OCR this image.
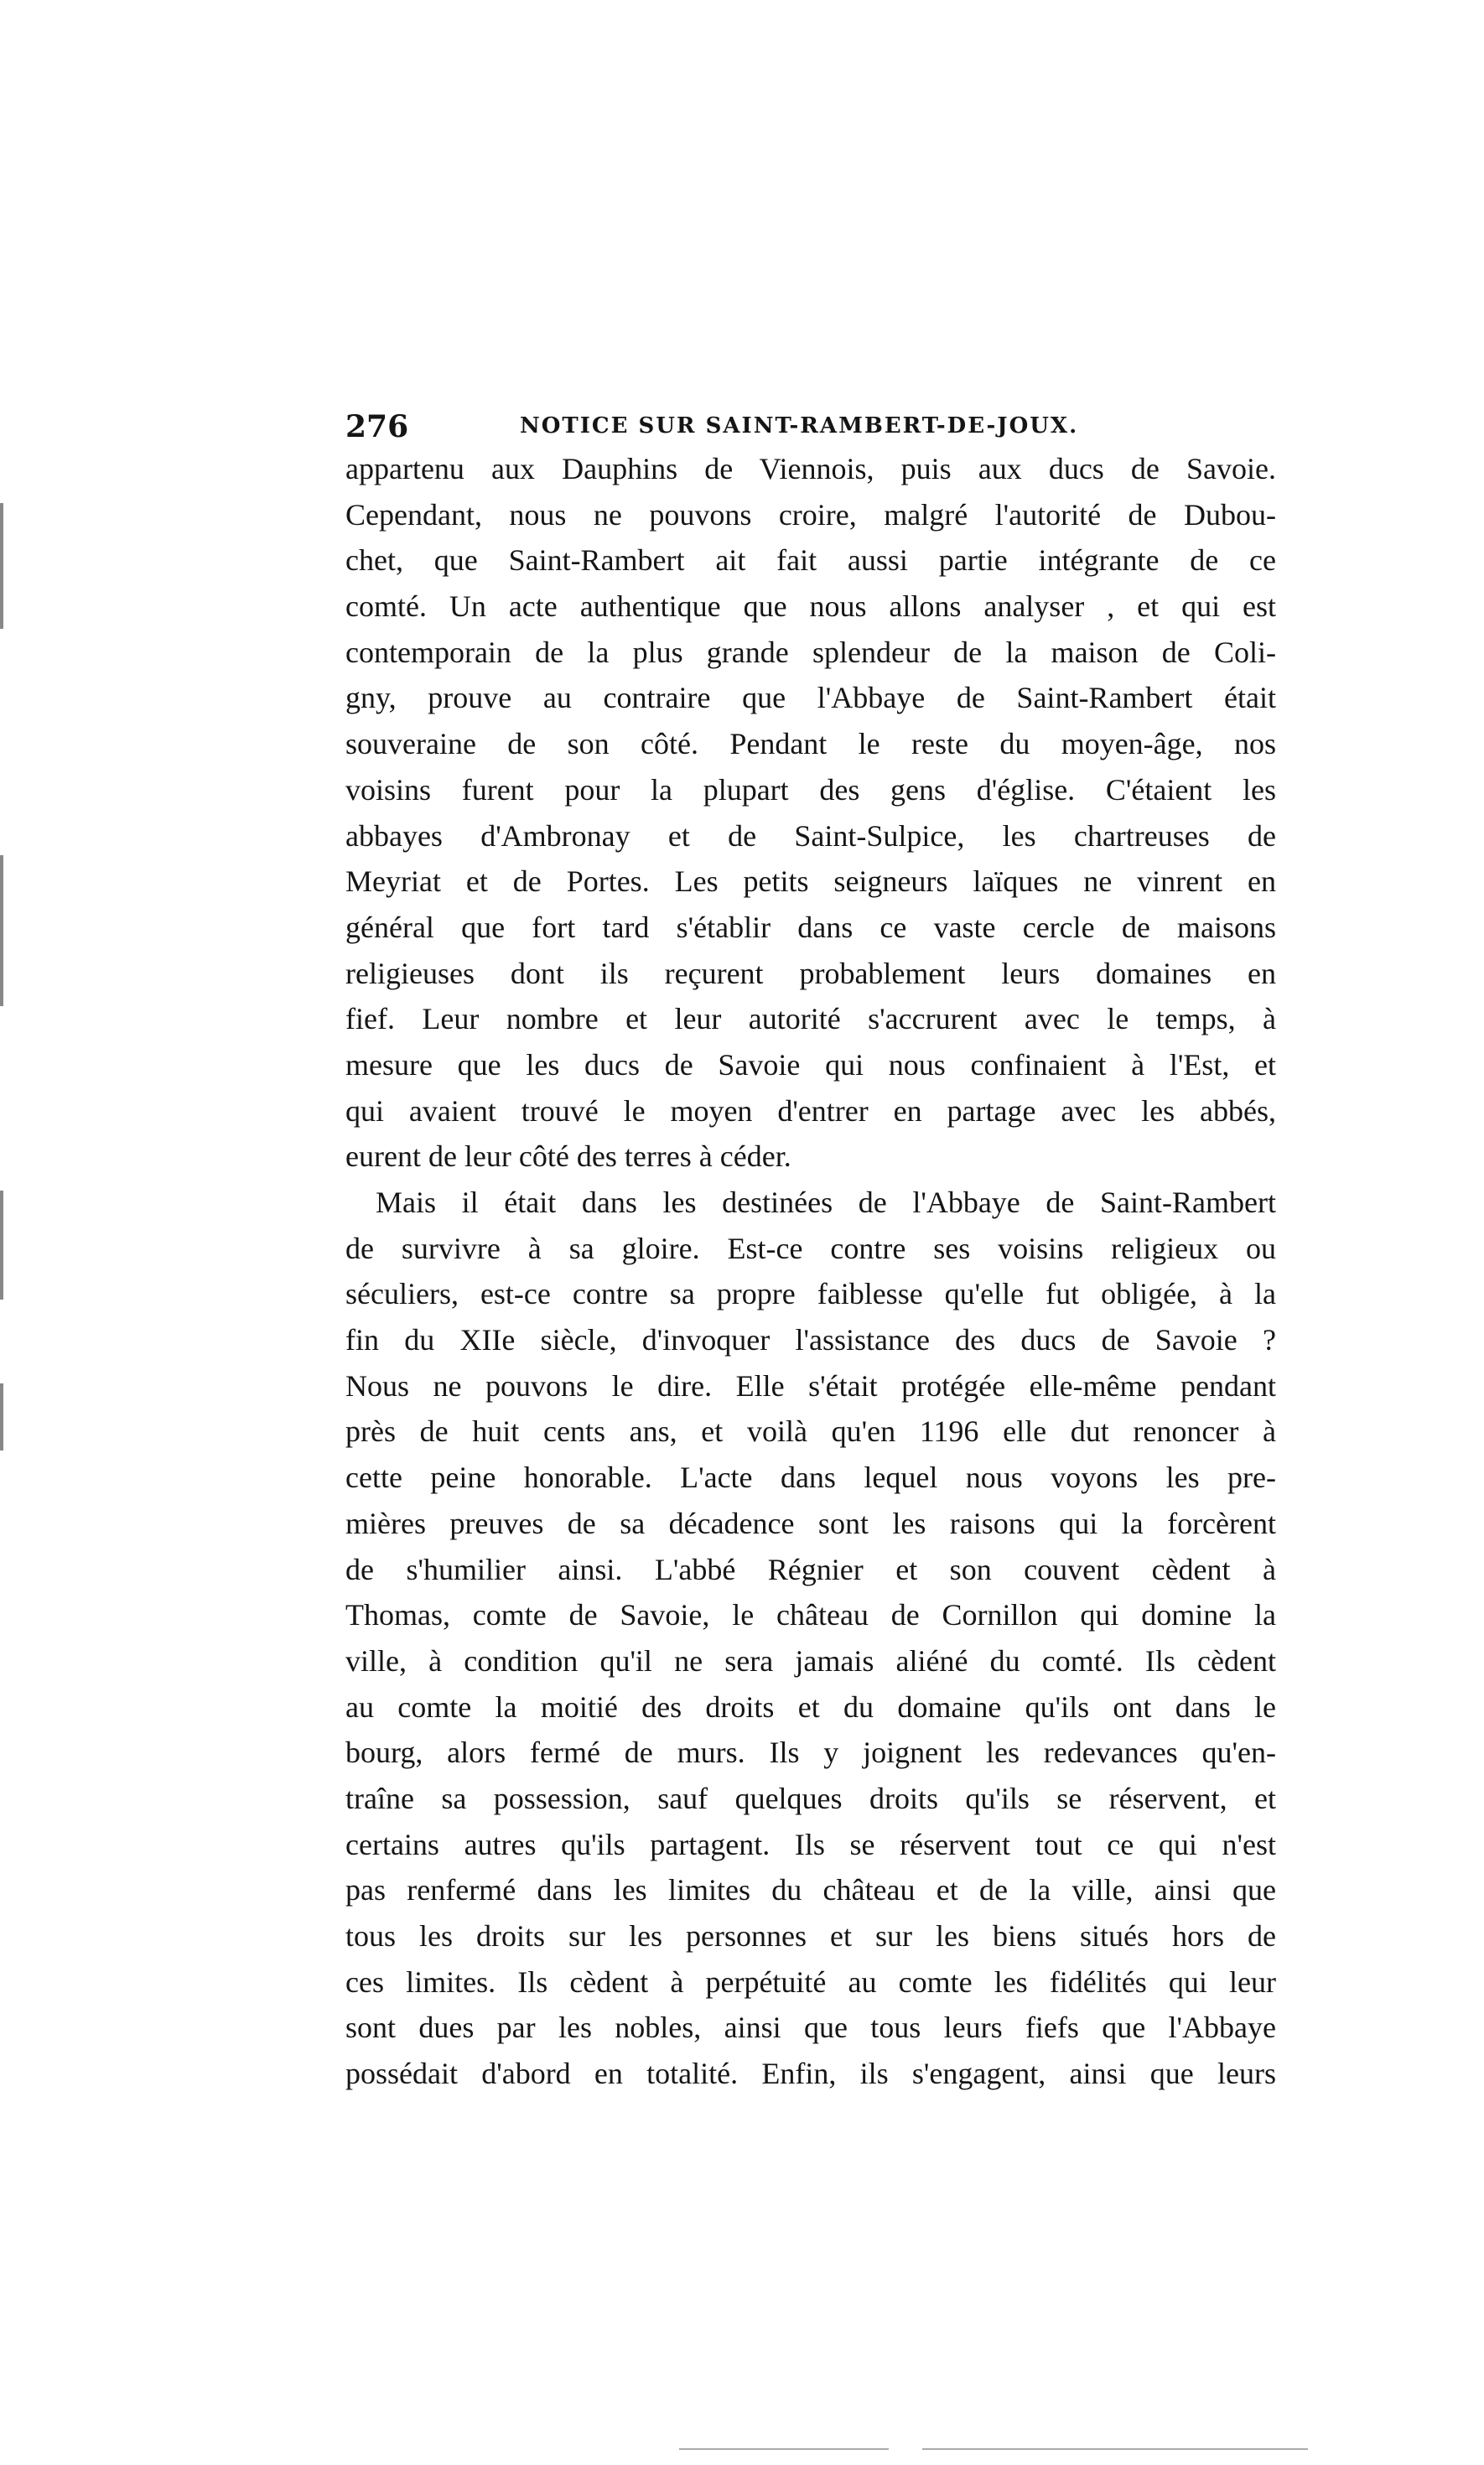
276	NOTICE SUR SAINT-RAMBERT-DE-JOUX.
appartenu aux Dauphins de Viennois, puis aux ducs de Savoie.
Cependant, nous ne pouvons croire, malgré l'autorité de Dubou-
chet, que Saint-Rambert ait fait aussi partie intégrante de ce
comté. Un acte authentique que nous allons analyser , et qui est
contemporain de la plus grande splendeur de la maison de Coli-
gny, prouve au contraire que l'Abbaye de Saint-Rambert était
souveraine de son côté. Pendant le reste du moyen-âge, nos
voisins furent pour la plupart des gens d'église. C'étaient les
abbayes d'Ambronay et de Saint-Sulpice, les chartreuses de
Meyriat et de Portes. Les petits seigneurs laïques ne vinrent en
général que fort tard s'établir dans ce vaste cercle de maisons
religieuses dont ils reçurent probablement leurs domaines en
fief. Leur nombre et leur autorité s'accrurent avec le temps, à
mesure que les ducs de Savoie qui nous confinaient à l'Est, et
qui avaient trouvé le moyen d'entrer en partage avec les abbés,
eurent de leur côté des terres à céder.
Mais il était dans les destinées de l'Abbaye de Saint-Rambert
de survivre à sa gloire. Est-ce contre ses voisins religieux ou
séculiers, est-ce contre sa propre faiblesse qu'elle fut obligée, à la
fin du XIIe siècle, d'invoquer l'assistance des ducs de Savoie ?
Nous ne pouvons le dire. Elle s'était protégée elle-même pendant
près de huit cents ans, et voilà qu'en 1196 elle dut renoncer à
cette peine honorable. L'acte dans lequel nous voyons les pre-
mières preuves de sa décadence sont les raisons qui la forcèrent
de s'humilier ainsi. L'abbé Régnier et son couvent cèdent à
Thomas, comte de Savoie, le château de Cornillon qui domine la
ville, à condition qu'il ne sera jamais aliéné du comté. Ils cèdent
au comte la moitié des droits et du domaine qu'ils ont dans le
bourg, alors fermé de murs. Ils y joignent les redevances qu'en-
traîne sa possession, sauf quelques droits qu'ils se réservent, et
certains autres qu'ils partagent. Ils se réservent tout ce qui n'est
pas renfermé dans les limites du château et de la ville, ainsi que
tous les droits sur les personnes et sur les biens situés hors de
ces limites. Ils cèdent à perpétuité au comte les fidélités qui leur
sont dues par les nobles, ainsi que tous leurs fiefs que l'Abbaye
possédait d'abord en totalité. Enfin, ils s'engagent, ainsi que leurs
